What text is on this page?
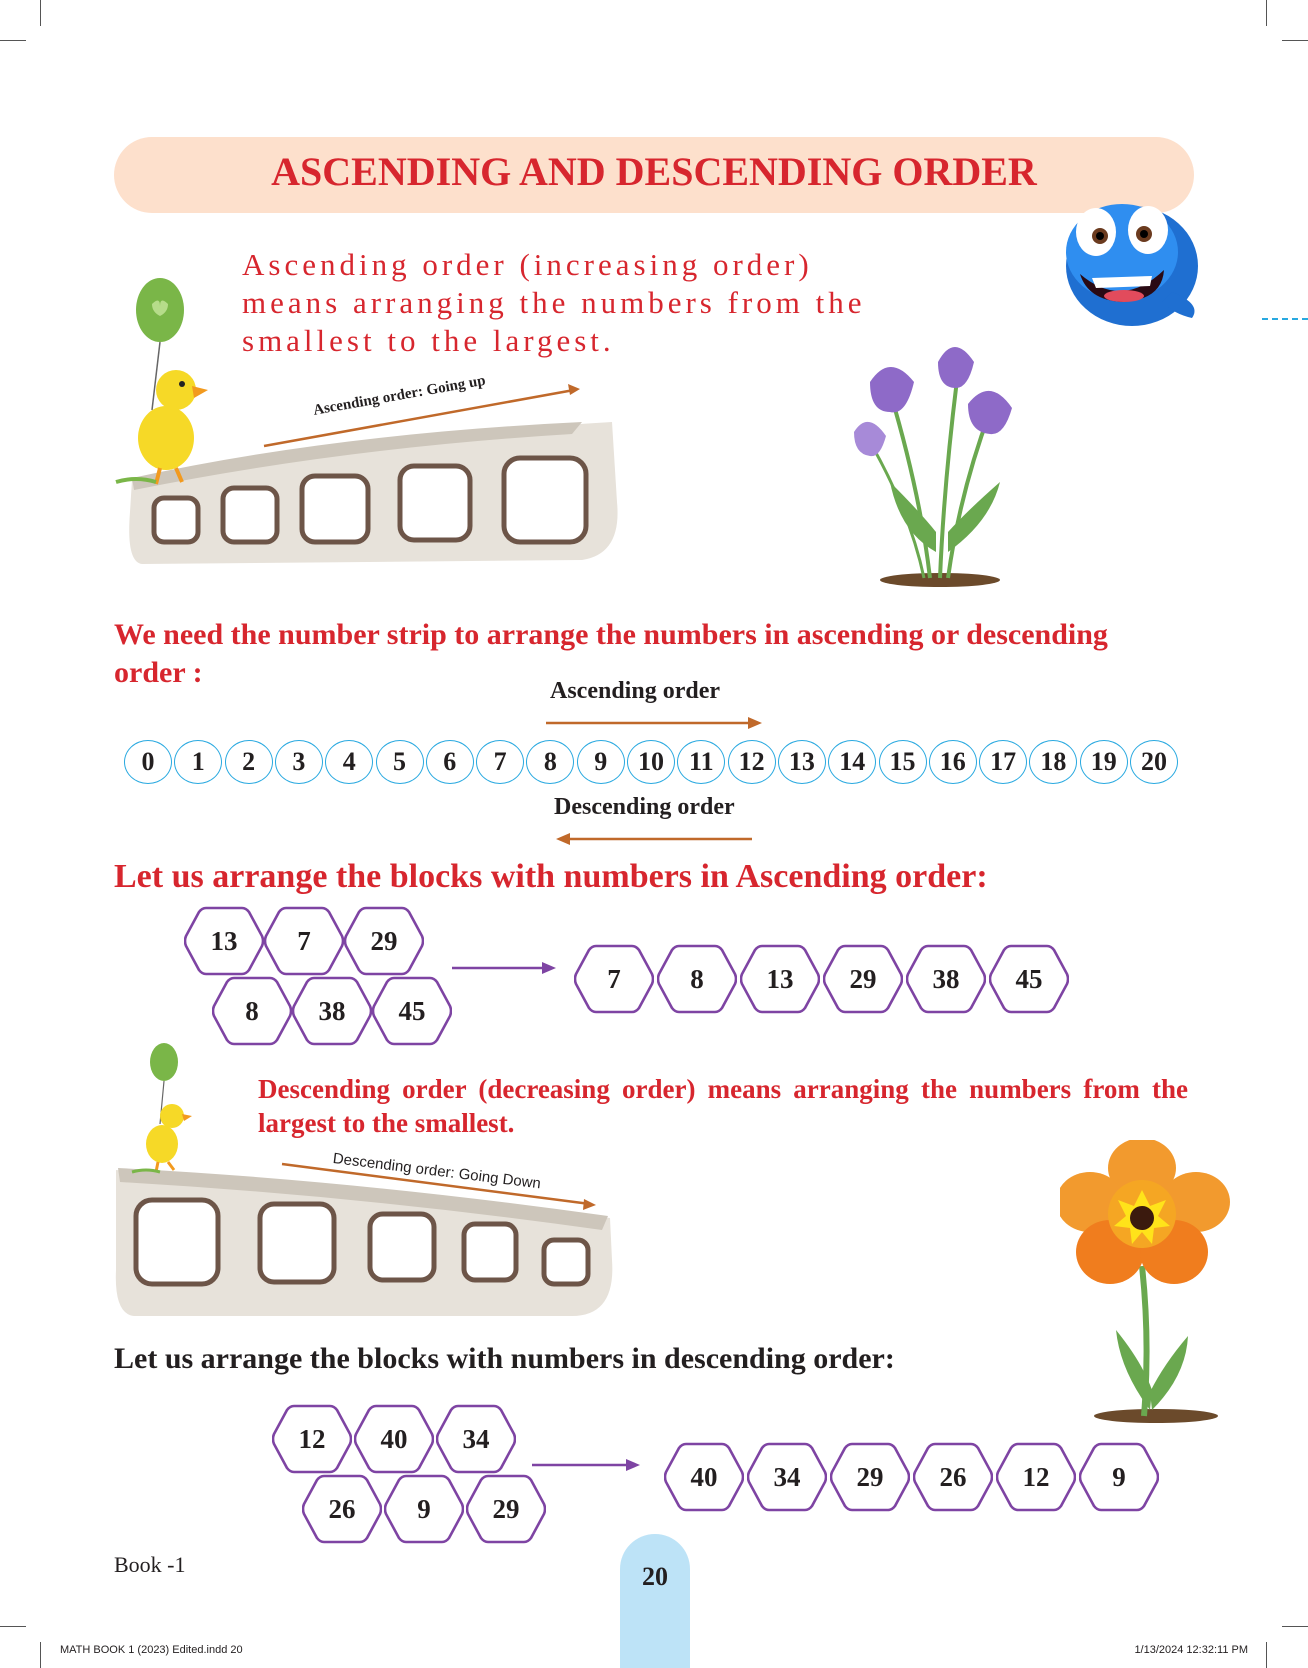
ASCENDING AND DESCENDING ORDER
Ascending order (increasing order) means arranging the numbers from the smallest to the largest.
Ascending order: Going up
We need the number strip to arrange the numbers in ascending or descending order :
Ascending order
0	1	2	3	4	5	6	7	8	9	10 11 12 13 14 15 16 17 18 19 20
Descending order
Let us arrange the blocks with numbers in Ascending order:
13 7 29
8 38 45
7	8 13 29 38 45
Descending order (decreasing order) means arranging the numbers from the largest to the smallest.
Descending order: Going Down
Let us arrange the blocks with numbers in descending order:
12 40 34
26 9 29
40 34 29 26 12 9
Book -1	20
MATH BOOK 1 (2023) Edited.indd 20	1/13/2024 12:32:11 PM
